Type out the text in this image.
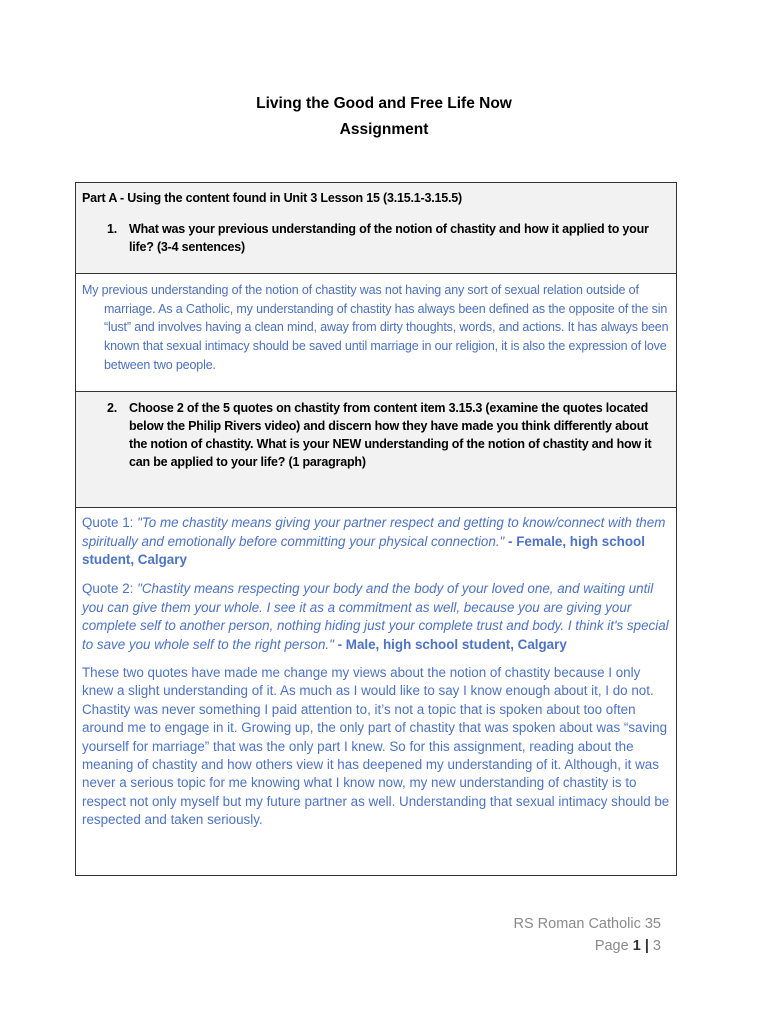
Living the Good and Free Life Now
Assignment
Part A - Using the content found in Unit 3 Lesson 15 (3.15.1-3.15.5)
1. What was your previous understanding of the notion of chastity and how it applied to your life? (3-4 sentences)
My previous understanding of the notion of chastity was not having any sort of sexual relation outside of marriage. As a Catholic, my understanding of chastity has always been defined as the opposite of the sin “lust” and involves having a clean mind, away from dirty thoughts, words, and actions. It has always been known that sexual intimacy should be saved until marriage in our religion, it is also the expression of love between two people.
2. Choose 2 of the 5 quotes on chastity from content item 3.15.3 (examine the quotes located below the Philip Rivers video) and discern how they have made you think differently about the notion of chastity. What is your NEW understanding of the notion of chastity and how it can be applied to your life? (1 paragraph)
Quote 1: "To me chastity means giving your partner respect and getting to know/connect with them spiritually and emotionally before committing your physical connection." - Female, high school student, Calgary
Quote 2: "Chastity means respecting your body and the body of your loved one, and waiting until you can give them your whole. I see it as a commitment as well, because you are giving your complete self to another person, nothing hiding just your complete trust and body. I think it's special to save you whole self to the right person." - Male, high school student, Calgary
These two quotes have made me change my views about the notion of chastity because I only knew a slight understanding of it. As much as I would like to say I know enough about it, I do not. Chastity was never something I paid attention to, it’s not a topic that is spoken about too often around me to engage in it. Growing up, the only part of chastity that was spoken about was “saving yourself for marriage” that was the only part I knew. So for this assignment, reading about the meaning of chastity and how others view it has deepened my understanding of it. Although, it was never a serious topic for me knowing what I know now, my new understanding of chastity is to respect not only myself but my future partner as well. Understanding that sexual intimacy should be respected and taken seriously.
RS Roman Catholic 35
Page 1 | 3
